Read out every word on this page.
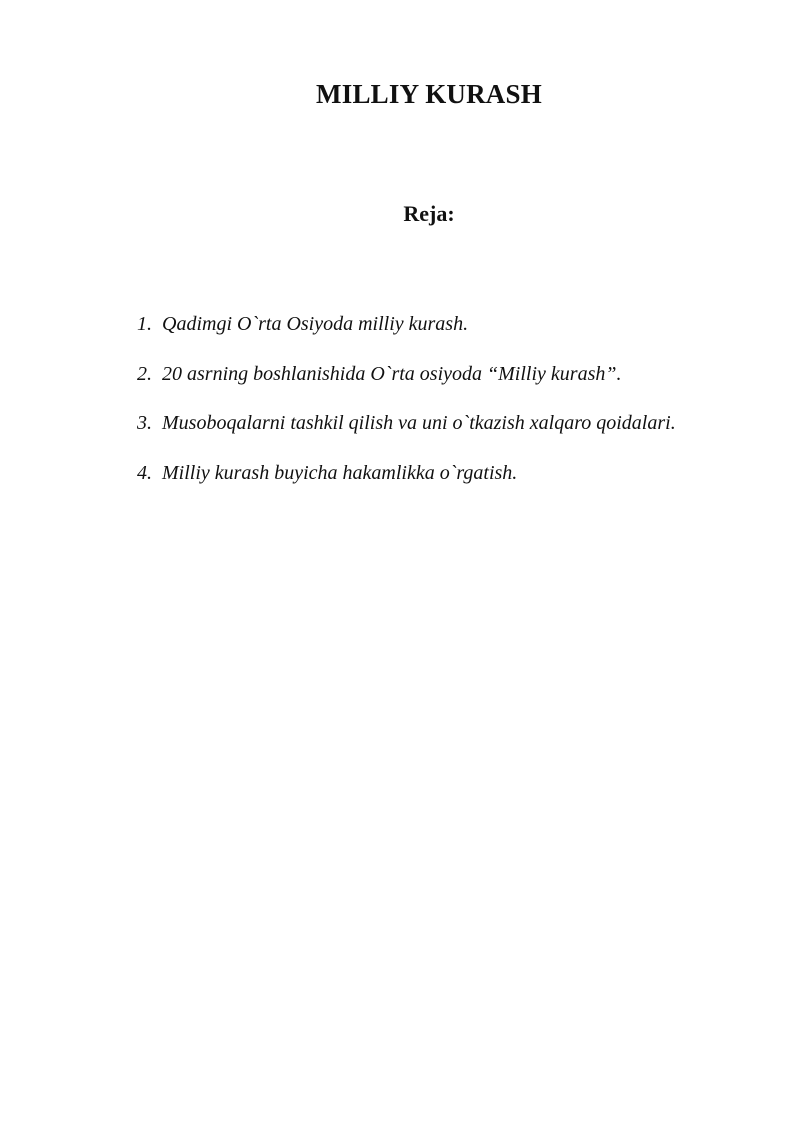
MILLIY KURASH
Reja:
1. Qadimgi O`rta Osiyoda milliy kurash.
2. 20 asrning boshlanishida O`rta osiyoda “Milliy kurash”.
3. Musoboqalarni tashkil qilish va uni o`tkazish xalqaro qoidalari.
4. Milliy kurash buyicha hakamlikka o`rgatish.
